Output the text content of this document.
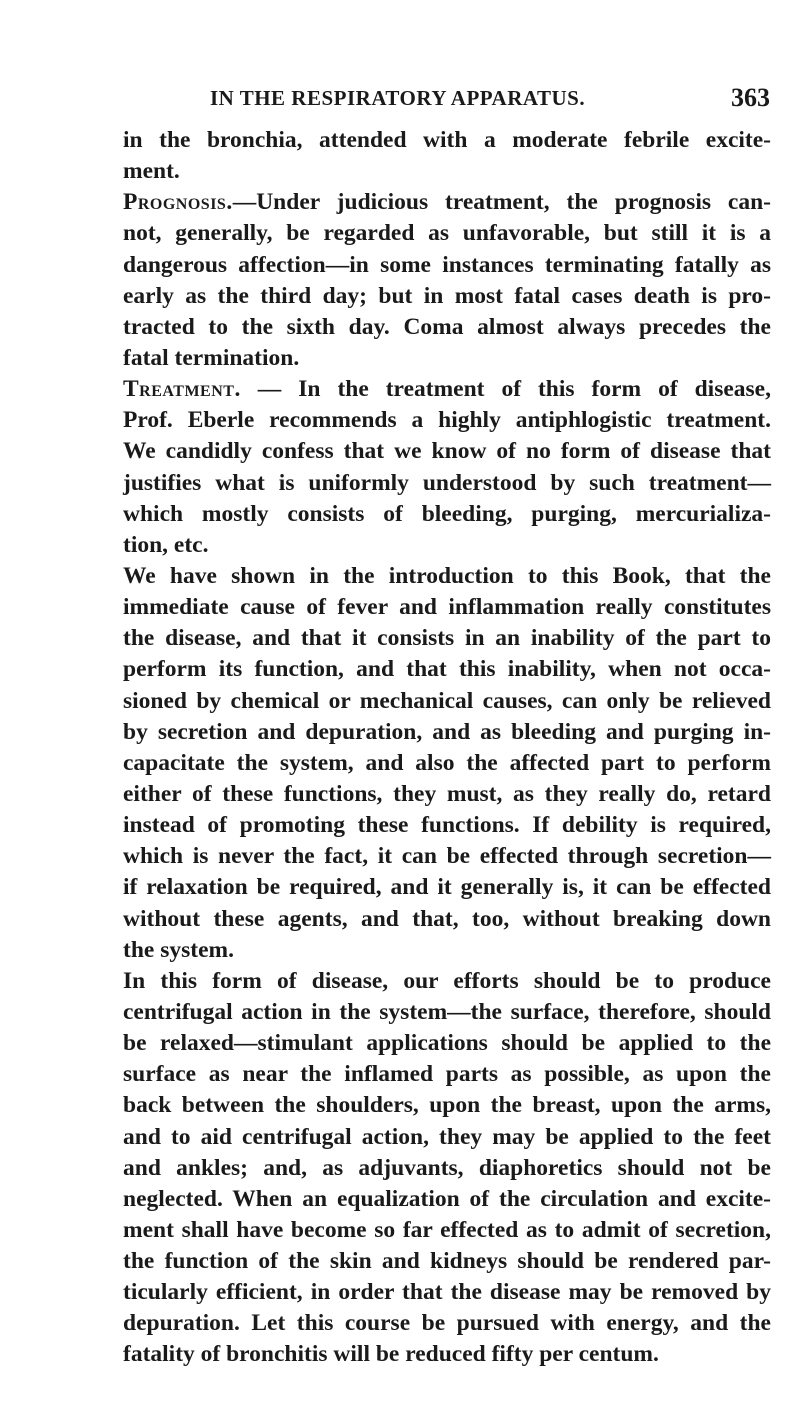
IN THE RESPIRATORY APPARATUS.	363
in the bronchia, attended with a moderate febrile excite-
ment.
Prognosis.—Under judicious treatment, the prognosis can-
not, generally, be regarded as unfavorable, but still it is a
dangerous affection—in some instances terminating fatally as
early as the third day; but in most fatal cases death is pro-
tracted to the sixth day. Coma almost always precedes the
fatal termination.
Treatment. — In the treatment of this form of disease,
Prof. Eberle recommends a highly antiphlogistic treatment.
We candidly confess that we know of no form of disease that
justifies what is uniformly understood by such treatment—
which mostly consists of bleeding, purging, mercurializa-
tion, etc.
We have shown in the introduction to this Book, that the
immediate cause of fever and inflammation really constitutes
the disease, and that it consists in an inability of the part to
perform its function, and that this inability, when not occa-
sioned by chemical or mechanical causes, can only be relieved
by secretion and depuration, and as bleeding and purging in-
capacitate the system, and also the affected part to perform
either of these functions, they must, as they really do, retard
instead of promoting these functions. If debility is required,
which is never the fact, it can be effected through secretion—
if relaxation be required, and it generally is, it can be effected
without these agents, and that, too, without breaking down
the system.
In this form of disease, our efforts should be to produce
centrifugal action in the system—the surface, therefore, should
be relaxed—stimulant applications should be applied to the
surface as near the inflamed parts as possible, as upon the
back between the shoulders, upon the breast, upon the arms,
and to aid centrifugal action, they may be applied to the feet
and ankles; and, as adjuvants, diaphoretics should not be
neglected. When an equalization of the circulation and excite-
ment shall have become so far effected as to admit of secretion,
the function of the skin and kidneys should be rendered par-
ticularly efficient, in order that the disease may be removed by
depuration. Let this course be pursued with energy, and the
fatality of bronchitis will be reduced fifty per centum.
